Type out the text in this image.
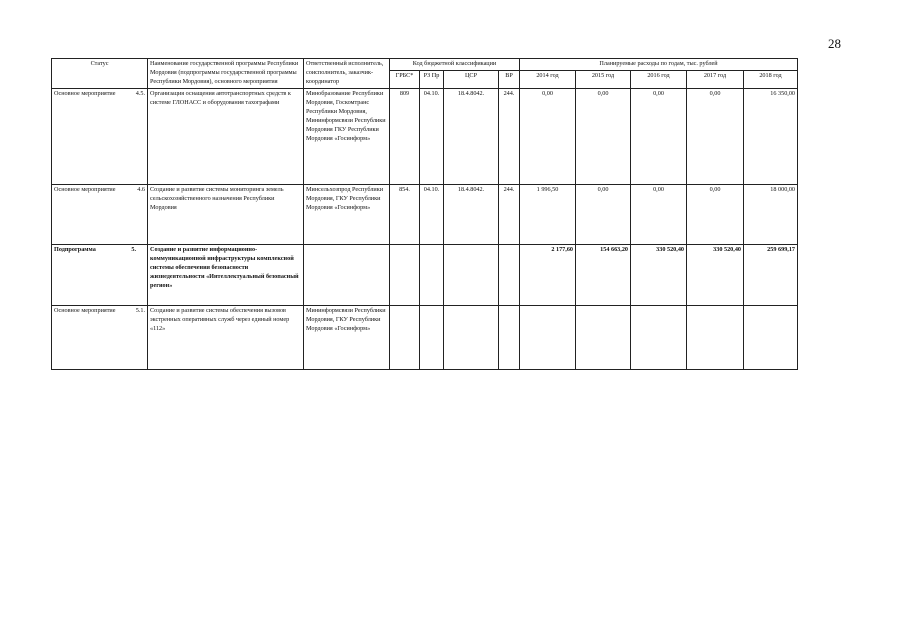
28
Статус		Наименование государственной программы Республики Мордовия (подпрограммы государственной программы Республики Мордовия), основного мероприятия	Ответственный исполнитель, соисполнитель, заказчик-координатор	Код бюджетной классификации				Планируемые расходы по годам, тыс. рублей				
				ГРБС*	РЗ Пр	ЦСР	ВР	2014 год	2015 год	2016 год	2017 год	2018 год
Основное мероприятие	4.5.	Организация оснащения автотранспортных средств к системе ГЛОНАСС и оборудования тахографами	Минобразование Республики Мордовия, Госкомтранс Республики Мордовия, Mининформсвязи Республики Мордовия ГКУ Республики Мордовия «Госинформ»	809	04.10.	18.4.8042.	244.	0,00	0,00	0,00	0,00	16 350,00
Основное мероприятие	4.6	Создание и развитие системы мониторинга земель сельскохозяйственного назначения Республики Мордовия	Минсельхозпрод Республики Мордовия, ГКУ Республики Мордовия «Госинформ»	854.	04.10.	18.4.8042.	244.	1 996,50	0,00	0,00	0,00	18 000,00
Подпрограмма	5.	Создание и развитие информационно-коммуникационной инфраструктуры комплексной системы обеспечения безопасности жизнедеятельности «Интеллектуальный безопасный регион»						2 177,60	154 663,20	330 520,40	330 520,40	259 699,17
Основное мероприятие	5.1.	Создание и развитие системы обеспечения вызовов экстренных оперативных служб через единый номер «112»	Mининформсвязи Республики Мордовия, ГКУ Республики Мордовия «Госинформ»									
